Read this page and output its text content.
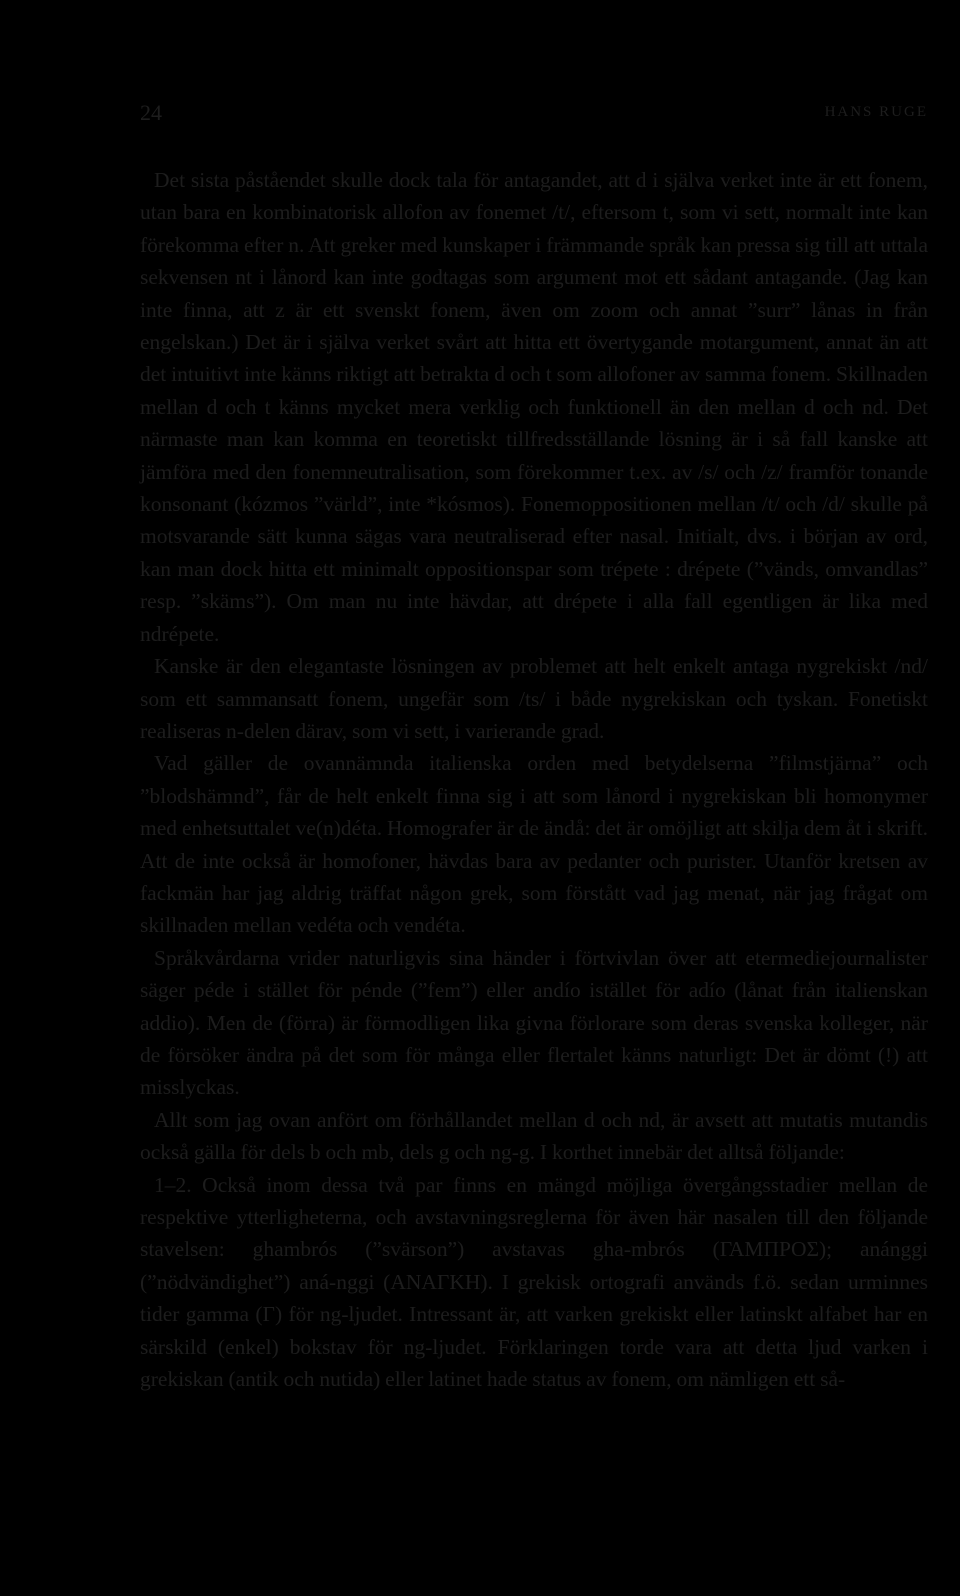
24	HANS RUGE

Det sista påståendet skulle dock tala för antagandet, att d i själva verket inte är ett fonem, utan bara en kombinatorisk allofon av fonemet /t/, eftersom t, som vi sett, normalt inte kan förekomma efter n. Att greker med kunskaper i främmande språk kan pressa sig till att uttala sekvensen nt i lånord kan inte godtagas som argument mot ett sådant antagande. (Jag kan inte finna, att z är ett svenskt fonem, även om zoom och annat ”surr” lånas in från engelskan.) Det är i själva verket svårt att hitta ett övertygande motargument, annat än att det intuitivt inte känns riktigt att betrakta d och t som allofoner av samma fonem. Skillnaden mellan d och t känns mycket mera verklig och funktionell än den mellan d och nd. Det närmaste man kan komma en teoretiskt tillfredsställande lösning är i så fall kanske att jämföra med den fonemneutralisation, som förekommer t.ex. av /s/ och /z/ framför tonande konsonant (kózmos ”värld”, inte *kósmos). Fonemoppositionen mellan /t/ och /d/ skulle på motsvarande sätt kunna sägas vara neutraliserad efter nasal. Initialt, dvs. i början av ord, kan man dock hitta ett minimalt oppositionspar som trépete : drépete (”vänds, omvandlas” resp. ”skäms”). Om man nu inte hävdar, att drépete i alla fall egentligen är lika med ndrépete.

Kanske är den elegantaste lösningen av problemet att helt enkelt antaga nygrekiskt /nd/ som ett sammansatt fonem, ungefär som /ts/ i både nygrekiskan och tyskan. Fonetiskt realiseras n-delen därav, som vi sett, i varierande grad.

Vad gäller de ovannämnda italienska orden med betydelserna ”filmstjärna” och ”blodshämnd”, får de helt enkelt finna sig i att som lånord i nygrekiskan bli homonymer med enhetsuttalet ve(n)déta. Homografer är de ändå: det är omöjligt att skilja dem åt i skrift. Att de inte också är homofoner, hävdas bara av pedanter och purister. Utanför kretsen av fackmän har jag aldrig träffat någon grek, som förstått vad jag menat, när jag frågat om skillnaden mellan vedéta och vendéta.

Språkvårdarna vrider naturligvis sina händer i förtvivlan över att etermediejournalister säger péde i stället för pénde (”fem”) eller andío istället för adío (lånat från italienskan addio). Men de (förra) är förmodligen lika givna förlorare som deras svenska kolleger, när de försöker ändra på det som för många eller flertalet känns naturligt: Det är dömt (!) att misslyckas.

Allt som jag ovan anfört om förhållandet mellan d och nd, är avsett att mutatis mutandis också gälla för dels b och mb, dels g och ng-g. I korthet innebär det alltså följande:

1–2. Också inom dessa två par finns en mängd möjliga övergångsstadier mellan de respektive ytterligheterna, och avstavningsreglerna för även här nasalen till den följande stavelsen: ghambrós (”svärson”) avstavas gha-mbrós (ΓΑΜΠΡΟΣ); anánggi (”nödvändighet”) aná-nggi (ΑΝΑΓΚΗ). I grekisk ortografi används f.ö. sedan urminnes tider gamma (Γ) för ng-ljudet. Intressant är, att varken grekiskt eller latinskt alfabet har en särskild (enkel) bokstav för ng-ljudet. Förklaringen torde vara att detta ljud varken i grekiskan (antik och nutida) eller latinet hade status av fonem, om nämligen ett så-
